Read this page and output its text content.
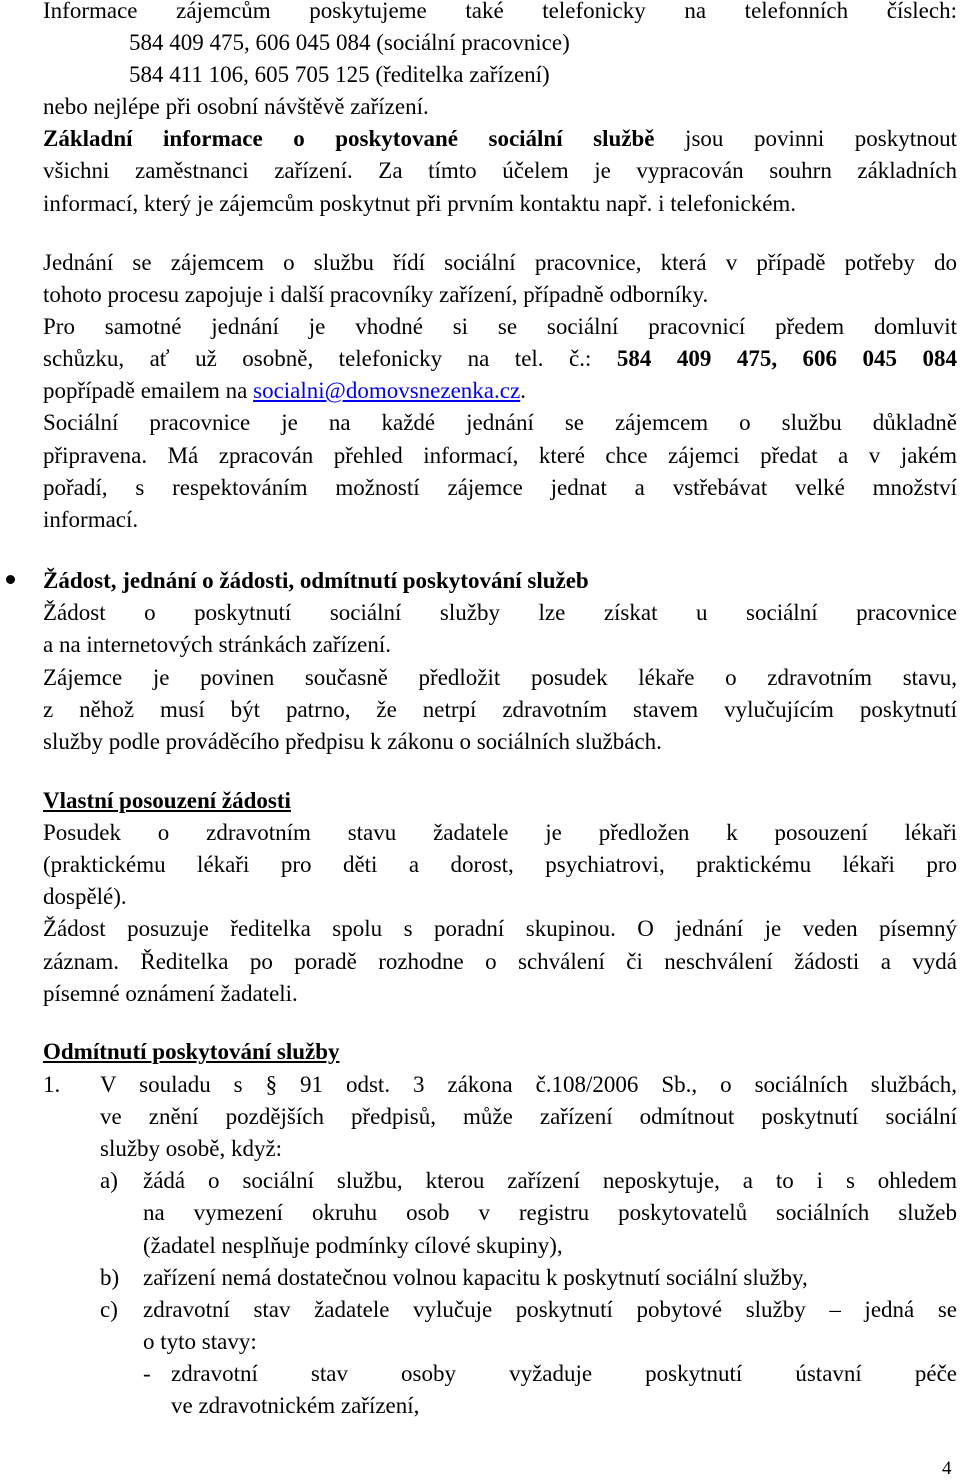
Informace zájemcům poskytujeme také telefonicky na telefonních číslech:
584 409 475, 606 045 084 (sociální pracovnice)
584 411 106, 605 705 125 (ředitelka zařízení)
nebo nejlépe při osobní návštěvě zařízení.
Základní informace o poskytované sociální službě jsou povinni poskytnout
všichni zaměstnanci zařízení. Za tímto účelem je vypracován souhrn základních
informací, který je zájemcům poskytnut při prvním kontaktu např. i telefonickém.
Jednání se zájemcem o službu řídí sociální pracovnice, která v případě potřeby do
tohoto procesu zapojuje i další pracovníky zařízení, případně odborníky.
Pro samotné jednání je vhodné si se sociální pracovnicí předem domluvit
schůzku, ať už osobně, telefonicky na tel. č.: 584 409 475, 606 045 084
popřípadě emailem na socialni@domovsnezenka.cz.
Sociální pracovnice je na každé jednání se zájemcem o službu důkladně
připravena. Má zpracován přehled informací, které chce zájemci předat a v jakém
pořadí, s respektováním možností zájemce jednat a vstřebávat velké množství
informací.
Žádost, jednání o žádosti, odmítnutí poskytování služeb
Žádost o poskytnutí sociální služby lze získat u sociální pracovnice
a na internetových stránkách zařízení.
Zájemce je povinen současně předložit posudek lékaře o zdravotním stavu,
z něhož musí být patrno, že netrpí zdravotním stavem vylučujícím poskytnutí
služby podle prováděcího předpisu k zákonu o sociálních službách.
Vlastní posouzení žádosti
Posudek o zdravotním stavu žadatele je předložen k posouzení lékaři
(praktickému lékaři pro děti a dorost, psychiatrovi, praktickému lékaři pro
dospělé).
Žádost posuzuje ředitelka spolu s poradní skupinou. O jednání je veden písemný
záznam. Ředitelka po poradě rozhodne o schválení či neschválení žádosti a vydá
písemné oznámení žadateli.
Odmítnutí poskytování služby
1. V souladu s § 91 odst. 3 zákona č.108/2006 Sb., o sociálních službách,
ve znění pozdějších předpisů, může zařízení odmítnout poskytnutí sociální
služby osobě, když:
a) žádá o sociální službu, kterou zařízení neposkytuje, a to i s ohledem
na vymezení okruhu osob v registru poskytovatelů sociálních služeb
(žadatel nesplňuje podmínky cílové skupiny),
b) zařízení nemá dostatečnou volnou kapacitu k poskytnutí sociální služby,
c) zdravotní stav žadatele vylučuje poskytnutí pobytové služby – jedná se
o tyto stavy:
- zdravotní stav osoby vyžaduje poskytnutí ústavní péče
ve zdravotnickém zařízení,
4
